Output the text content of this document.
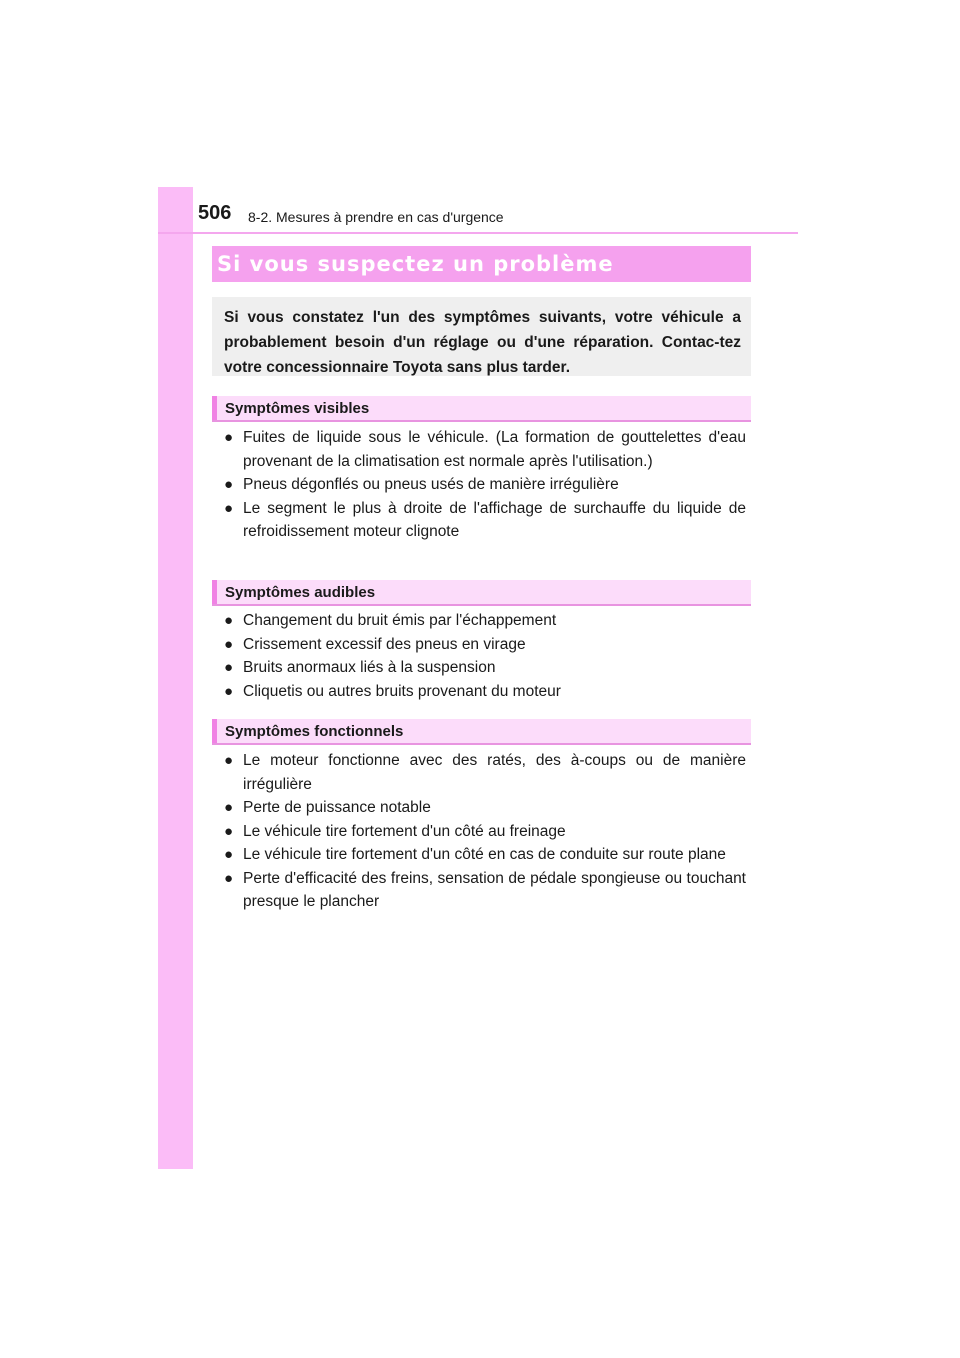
506 8-2. Mesures à prendre en cas d'urgence
Si vous suspectez un problème

Si vous constatez l'un des symptômes suivants, votre véhicule a probablement besoin d'un réglage ou d'une réparation. Contac-tez votre concessionnaire Toyota sans plus tarder.

Symptômes visibles
● Fuites de liquide sous le véhicule. (La formation de gouttelettes d'eau provenant de la climatisation est normale après l'utilisation.)
● Pneus dégonflés ou pneus usés de manière irrégulière
● Le segment le plus à droite de l'affichage de surchauffe du liquide de refroidissement moteur clignote
Symptômes audibles
● Changement du bruit émis par l'échappement
● Crissement excessif des pneus en virage
● Bruits anormaux liés à la suspension
● Cliquetis ou autres bruits provenant du moteur
Symptômes fonctionnels
● Le moteur fonctionne avec des ratés, des à-coups ou de manière irrégulière
● Perte de puissance notable
● Le véhicule tire fortement d'un côté au freinage
● Le véhicule tire fortement d'un côté en cas de conduite sur route plane
● Perte d'efficacité des freins, sensation de pédale spongieuse ou touchant presque le plancher
